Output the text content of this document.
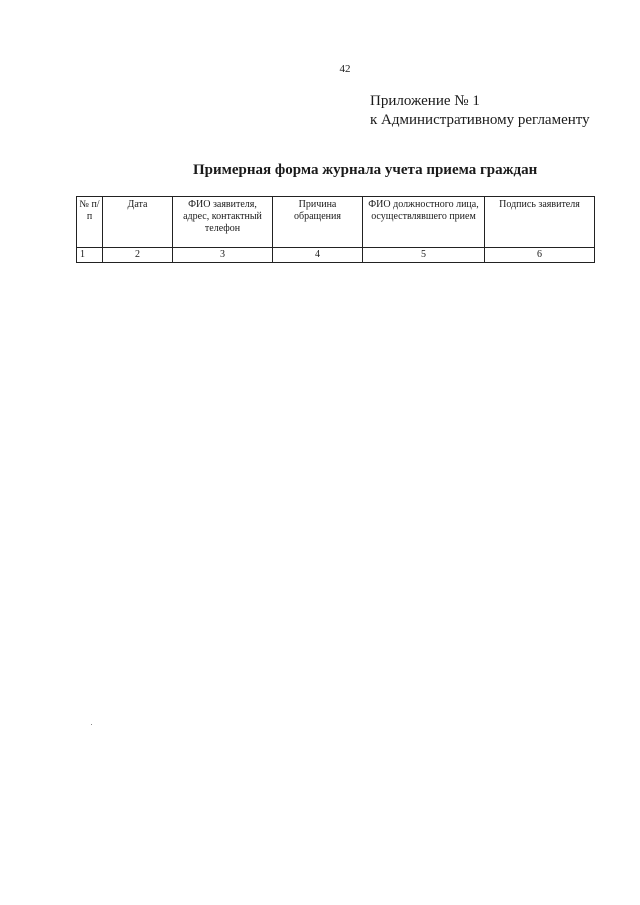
42
Приложение № 1
к Административному регламенту
Примерная форма журнала учета приема граждан
№ п/п	Дата	ФИО заявителя, адрес, контактный телефон	Причина обращения	ФИО должностного лица, осуществлявшего прием	Подпись заявителя

1	2	3	4	5	6
